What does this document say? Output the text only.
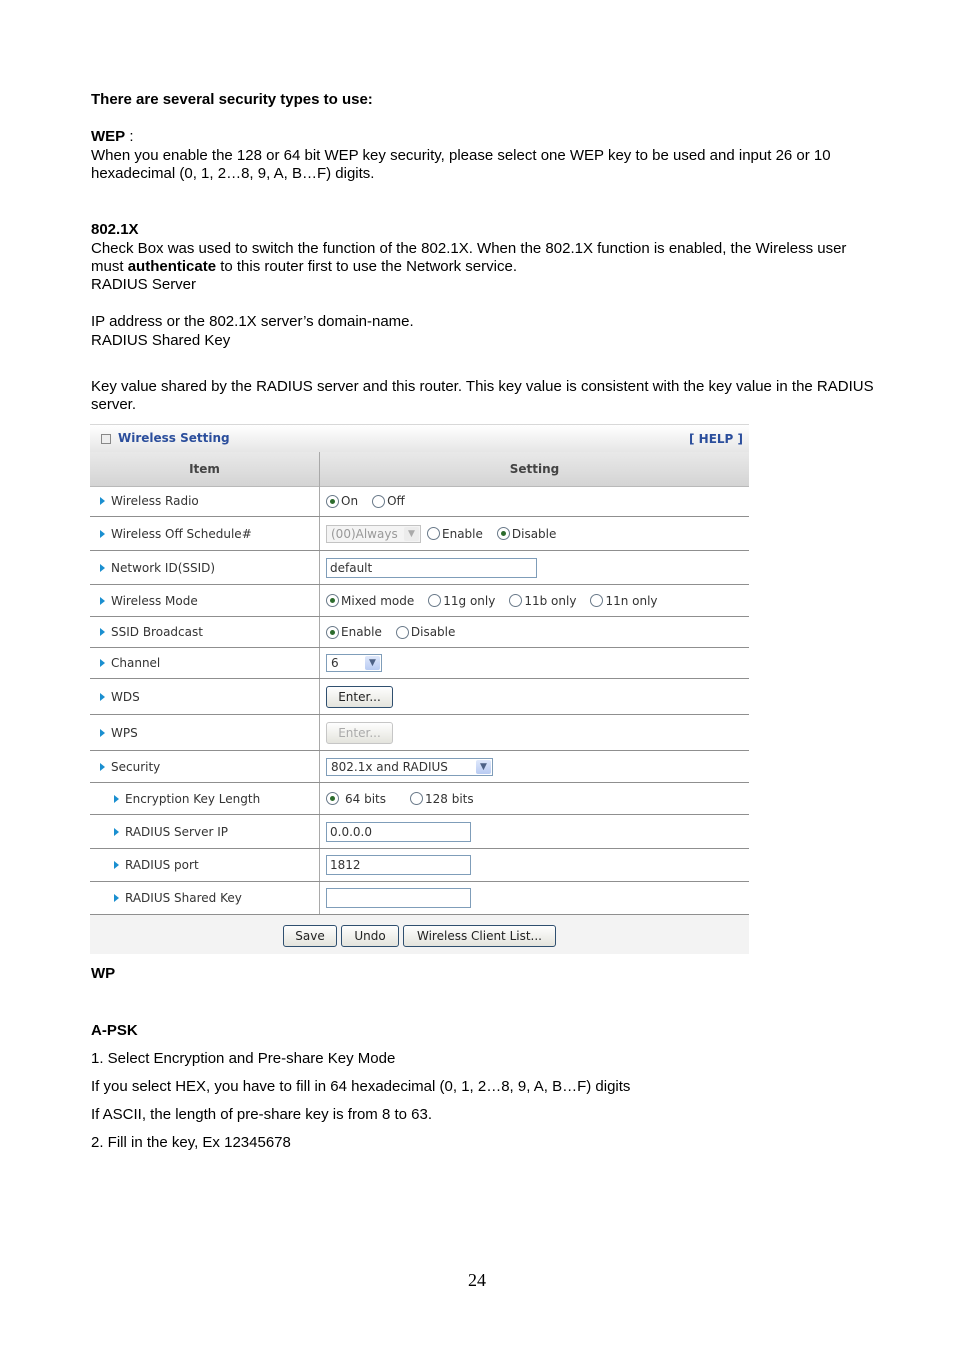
There are several security types to use:
WEP :
When you enable the 128 or 64 bit WEP key security, please select one WEP key to be used and input 26 or 10 hexadecimal (0, 1, 2…8, 9, A, B…F) digits.
802.1X
Check Box was used to switch the function of the 802.1X. When the 802.1X function is enabled, the Wireless user must authenticate to this router first to use the Network service.
RADIUS Server
IP address or the 802.1X server’s domain-name.
RADIUS Shared Key
Key value shared by the RADIUS server and this router. This key value is consistent with the key value in the RADIUS server.
Wireless Setting	[ HELP ]
Item	Setting
Wireless Radio	On Off
Wireless Off Schedule#	(00)Always	▼	Enable Disable
Network ID(SSID)	default
Wireless Mode	Mixed mode 11g only 11b only 11n only
SSID Broadcast	Enable Disable
Channel	6	▼
WDS	Enter...
WPS	Enter...
Security	802.1x and RADIUS	▼
Encryption Key Length	64 bits	128 bits
RADIUS Server IP	0.0.0.0
RADIUS port	1812
RADIUS Shared Key
Save	Undo	Wireless Client List...
WP
A-PSK
1. Select Encryption and Pre-share Key Mode
If you select HEX, you have to fill in 64 hexadecimal (0, 1, 2…8, 9, A, B…F) digits
If ASCII, the length of pre-share key is from 8 to 63.
2. Fill in the key, Ex 12345678
24
